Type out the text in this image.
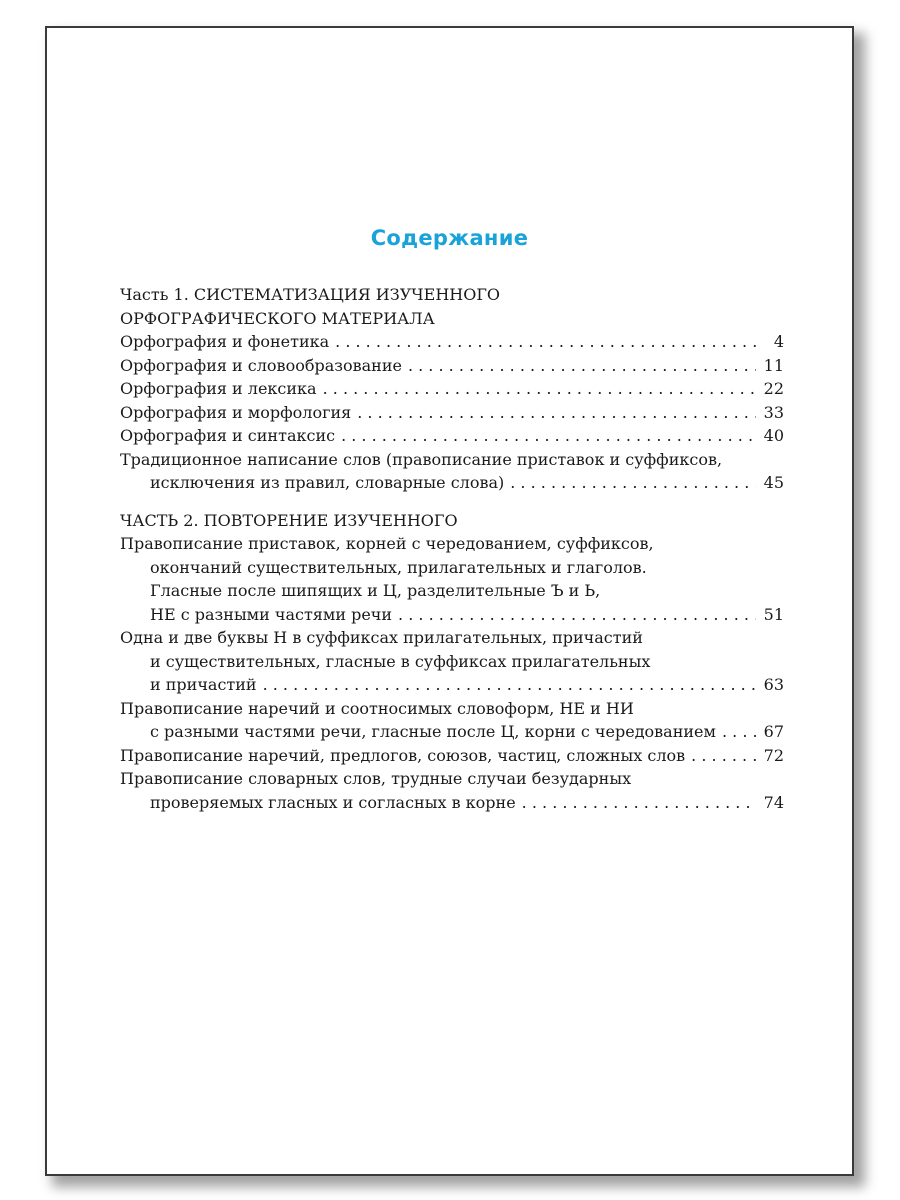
Содержание
Часть 1. СИСТЕМАТИЗАЦИЯ ИЗУЧЕННОГО
ОРФОГРАФИЧЕСКОГО МАТЕРИАЛА
Орфография и фонетика . . .	4
Орфография и словообразование . . .	11
Орфография и лексика . . .	22
Орфография и морфология . . .	33
Орфография и синтаксис . . .	40
Традиционное написание слов (правописание приставок и суффиксов,
исключения из правил, словарные слова) . . .	45
ЧАСТЬ 2. ПОВТОРЕНИЕ ИЗУЧЕННОГО
Правописание приставок, корней с чередованием, суффиксов,
окончаний существительных, прилагательных и глаголов.
Гласные после шипящих и Ц, разделительные Ъ и Ь,
НЕ с разными частями речи . . .	51
Одна и две буквы Н в суффиксах прилагательных, причастий
и существительных, гласные в суффиксах прилагательных
и причастий . . .	63
Правописание наречий и соотносимых словоформ, НЕ и НИ
с разными частями речи, гласные после Ц, корни с чередованием . . .	67
Правописание наречий, предлогов, союзов, частиц, сложных слов . . .	72
Правописание словарных слов, трудные случаи безударных
проверяемых гласных и согласных в корне . . .	74
